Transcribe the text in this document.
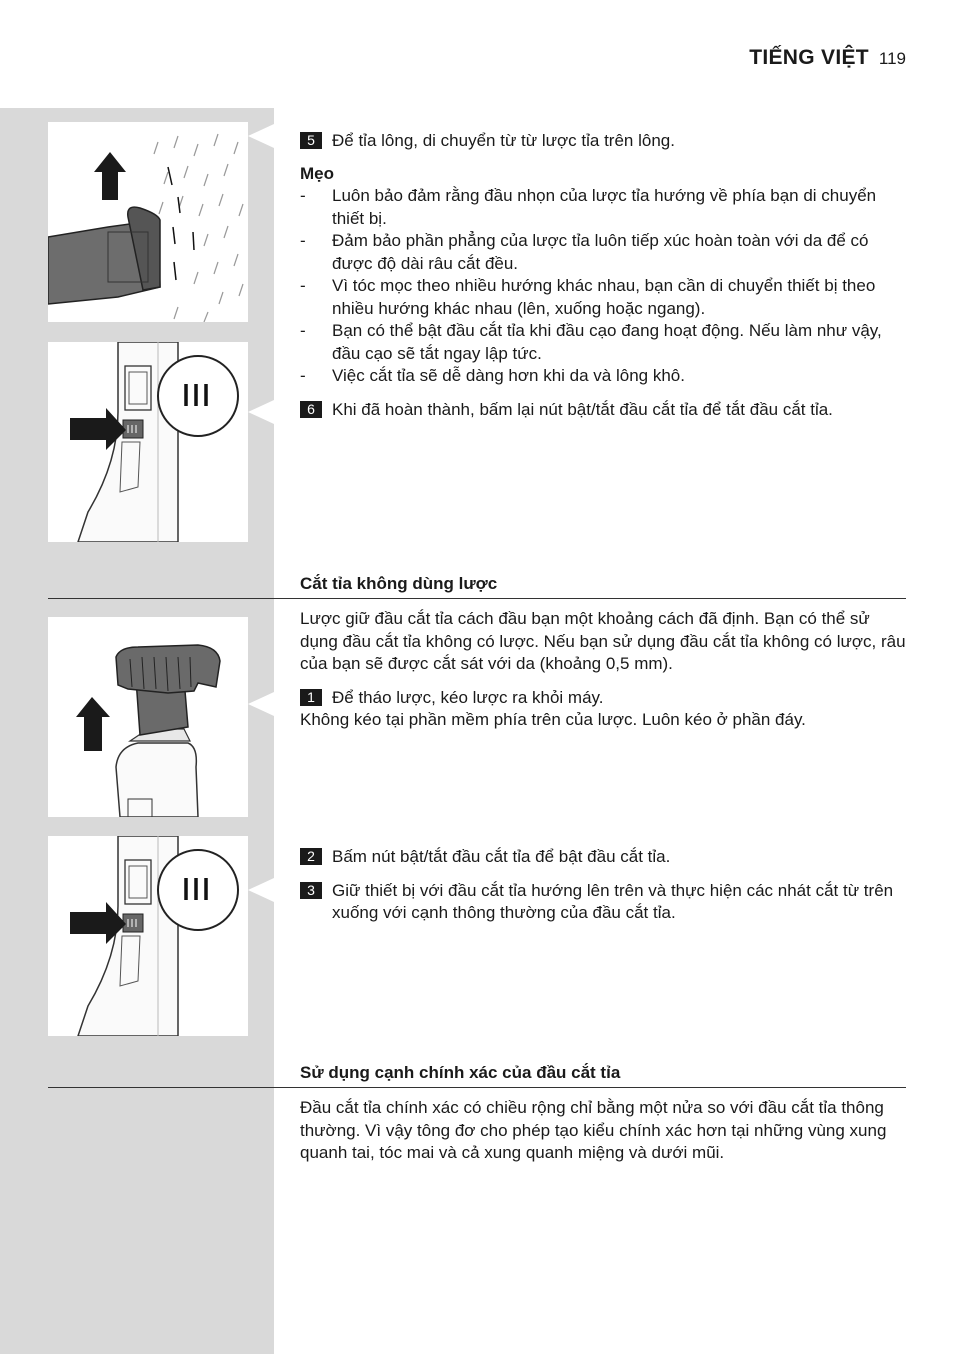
TIẾNG VIỆT 119
5	Để tỉa lông, di chuyển từ từ lược tỉa trên lông.
Mẹo
-	Luôn bảo đảm rằng đầu nhọn của lược tỉa hướng về phía bạn di chuyển thiết bị.
-	Đảm bảo phần phẳng của lược tỉa luôn tiếp xúc hoàn toàn với da để có được độ dài râu cắt đều.
-	Vì tóc mọc theo nhiều hướng khác nhau, bạn cần di chuyển thiết bị theo nhiều hướng khác nhau (lên, xuống hoặc ngang).
-	Bạn có thể bật đầu cắt tỉa khi đầu cạo đang hoạt động. Nếu làm như vậy, đầu cạo sẽ tắt ngay lập tức.
-	Việc cắt tỉa sẽ dễ dàng hơn khi da và lông khô.
6	Khi đã hoàn thành, bấm lại nút bật/tắt đầu cắt tỉa để tắt đầu cắt tỉa.
Cắt tỉa không dùng lược

Lược giữ đầu cắt tỉa cách đầu bạn một khoảng cách đã định. Bạn có thể sử dụng đầu cắt tỉa không có lược. Nếu bạn sử dụng đầu cắt tỉa không có lược, râu của bạn sẽ được cắt sát với da (khoảng 0,5 mm).

1	Để tháo lược, kéo lược ra khỏi máy.

Không kéo tại phần mềm phía trên của lược. Luôn kéo ở phần đáy.

2	Bấm nút bật/tắt đầu cắt tỉa để bật đầu cắt tỉa.
3	Giữ thiết bị với đầu cắt tỉa hướng lên trên và thực hiện các nhát cắt từ trên xuống với cạnh thông thường của đầu cắt tỉa.
Sử dụng cạnh chính xác của đầu cắt tỉa

Đầu cắt tỉa chính xác có chiều rộng chỉ bằng một nửa so với đầu cắt tỉa thông thường. Vì vậy tông đơ cho phép tạo kiểu chính xác hơn tại những vùng xung quanh tai, tóc mai và cả xung quanh miệng và dưới mũi.
